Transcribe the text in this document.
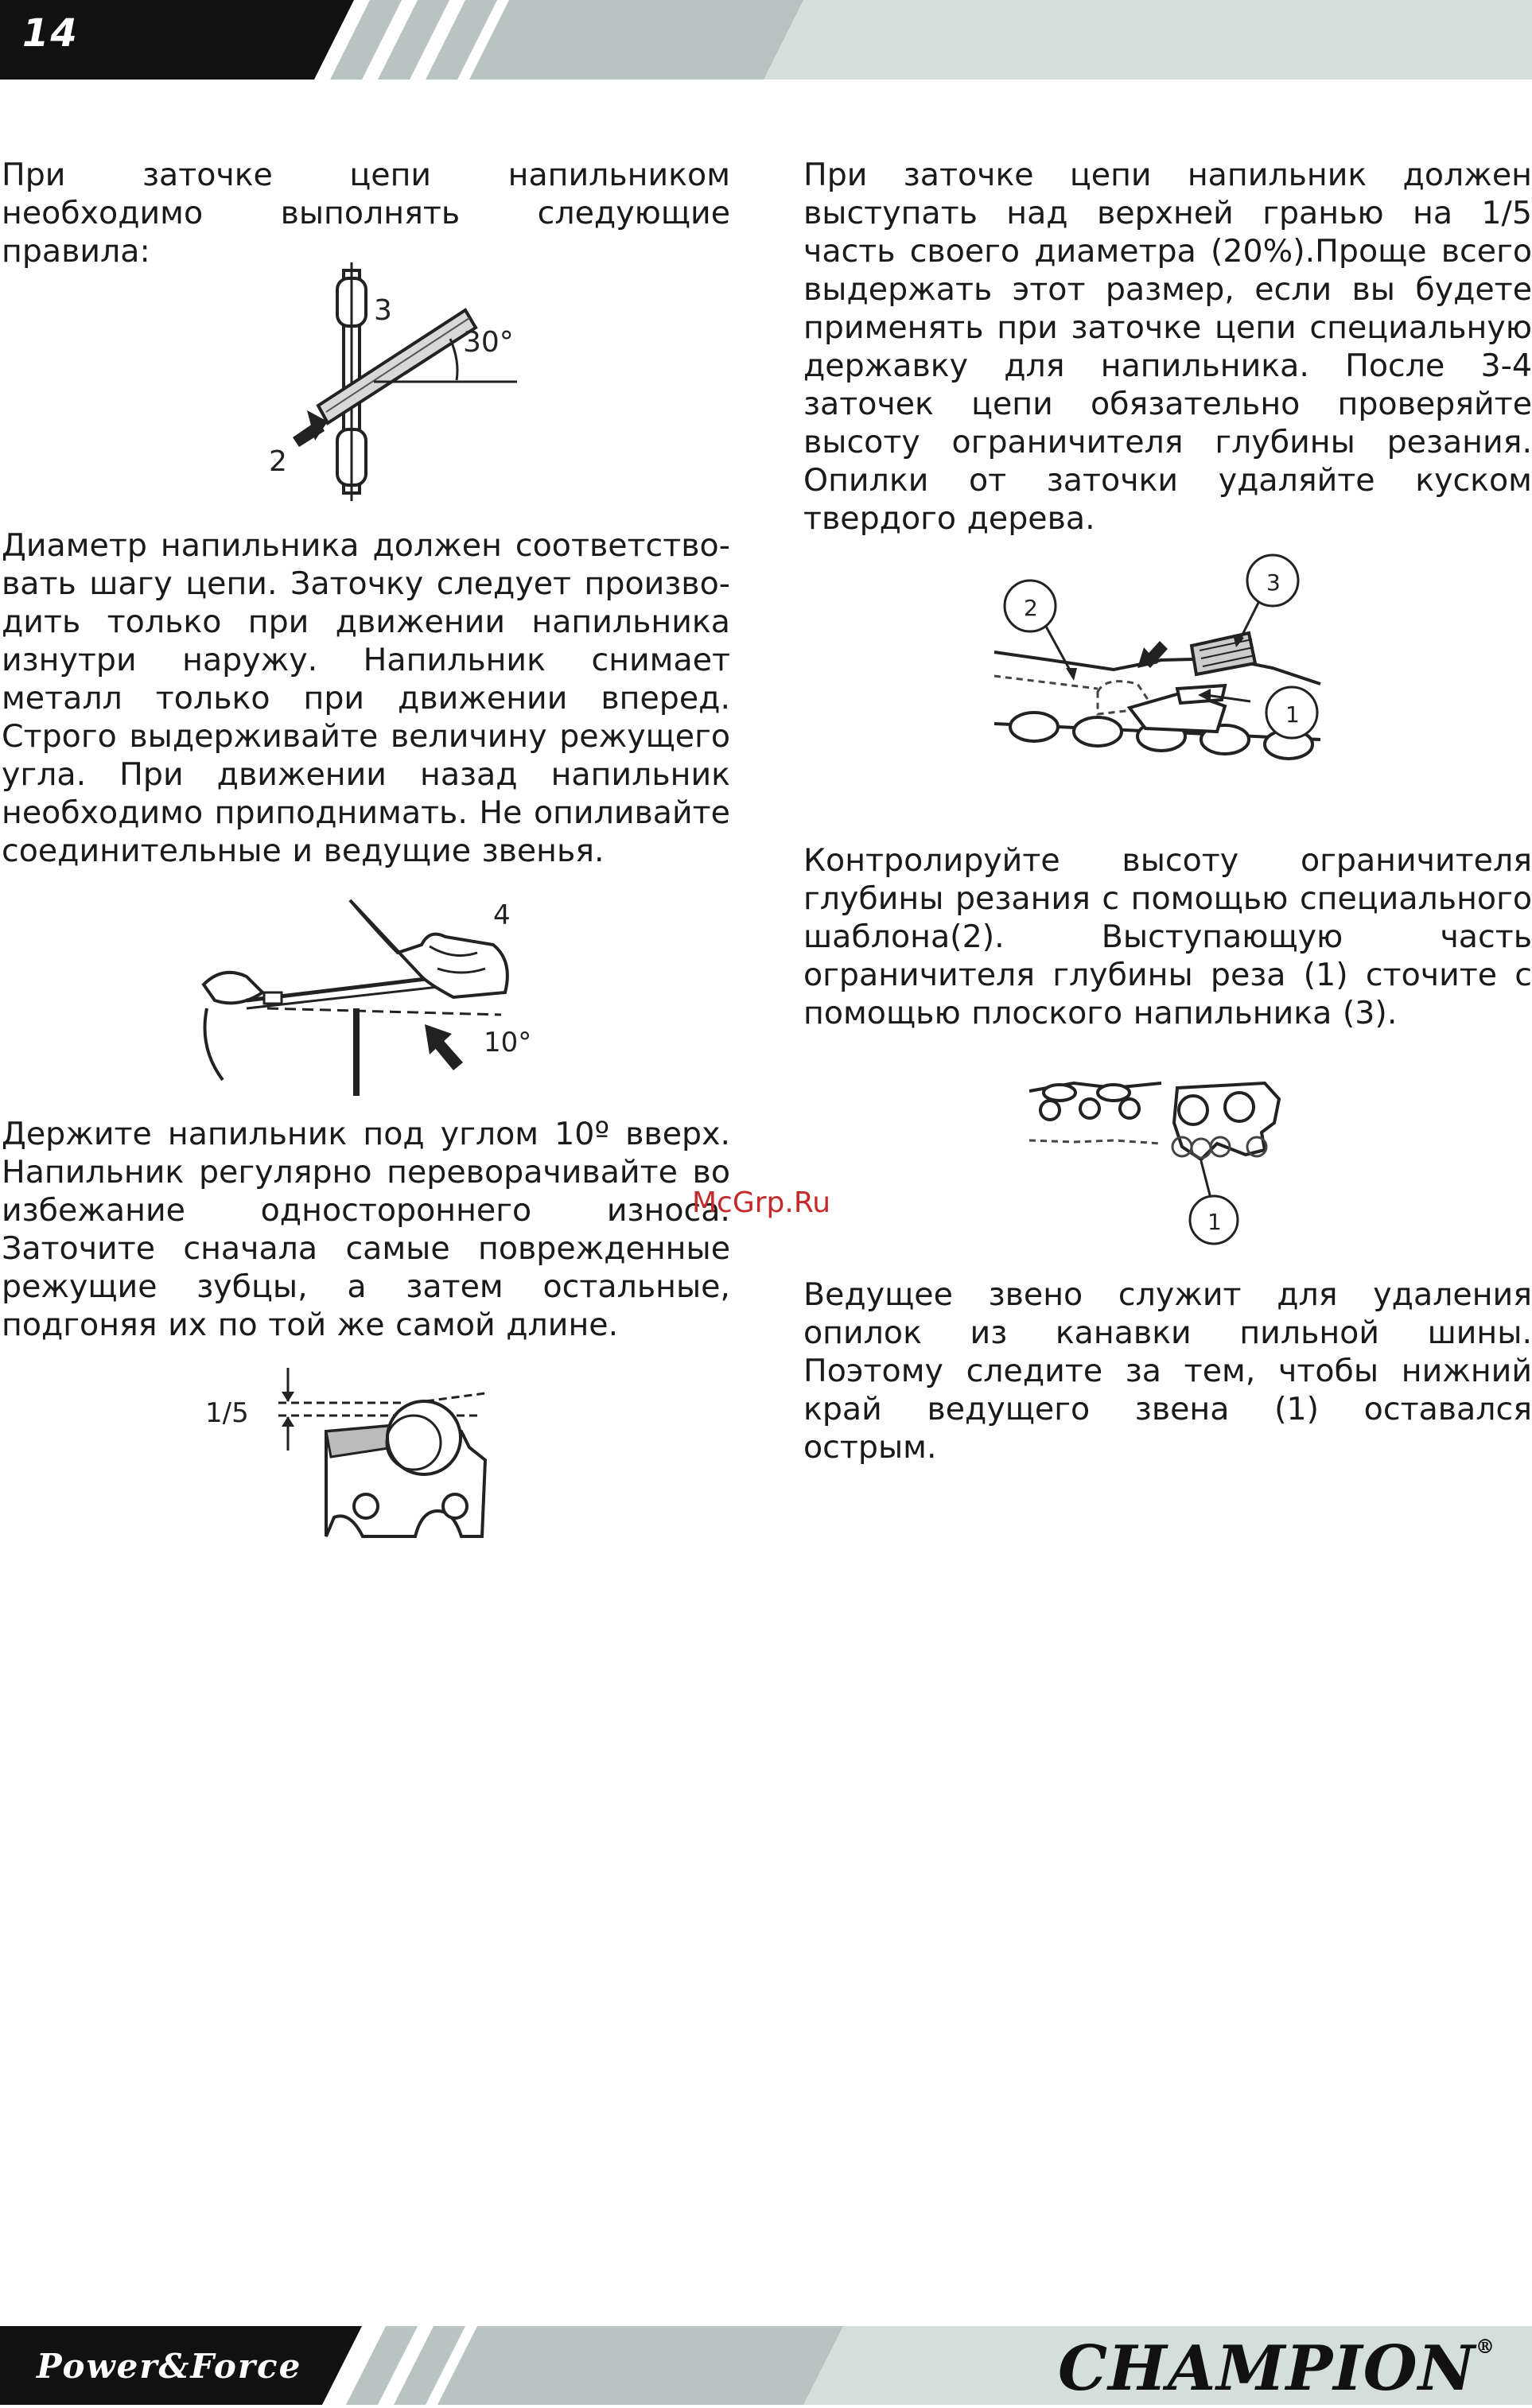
14
При заточке цепи напильником необходимо выполнять следующие правила:
3
2
30°
Диаметр напильника должен соответствовать шагу цепи. Заточку следует производить только при движении напильника изнутри наружу. Напильник снимает металл только при движении вперед. Строго выдерживайте величину режущего угла. При движении назад напильник необходимо приподнимать. Не опиливайте соединительные и ведущие звенья.
4
10°
Держите напильник под углом 10º вверх. Напильник регулярно переворачивайте во избежание одностороннего износа. Заточите сначала самые поврежденные режущие зубцы, а затем остальные, подгоняя их по той же самой длине.
1/5
При заточке цепи напильник должен выступать над верхней гранью на 1/5 часть своего диаметра (20%).Проще всего выдержать этот размер, если вы будете применять при заточке цепи специальную державку для напильника. После 3-4 заточек цепи обязательно проверяйте высоту ограничителя глубины резания. Опилки от заточки удаляйте куском твердого дерева.
2
3
1
Контролируйте высоту ограничителя глубины резания с помощью специального шаблона(2). Выступающую часть ограничителя глубины реза (1) сточите с помощью плоского напильника (3).
1
Ведущее звено служит для удаления опилок из канавки пильной шины. Поэтому следите за тем, чтобы нижний край ведущего звена (1) оставался острым.
McGrp.Ru
Power&Force	CHAMPION®
